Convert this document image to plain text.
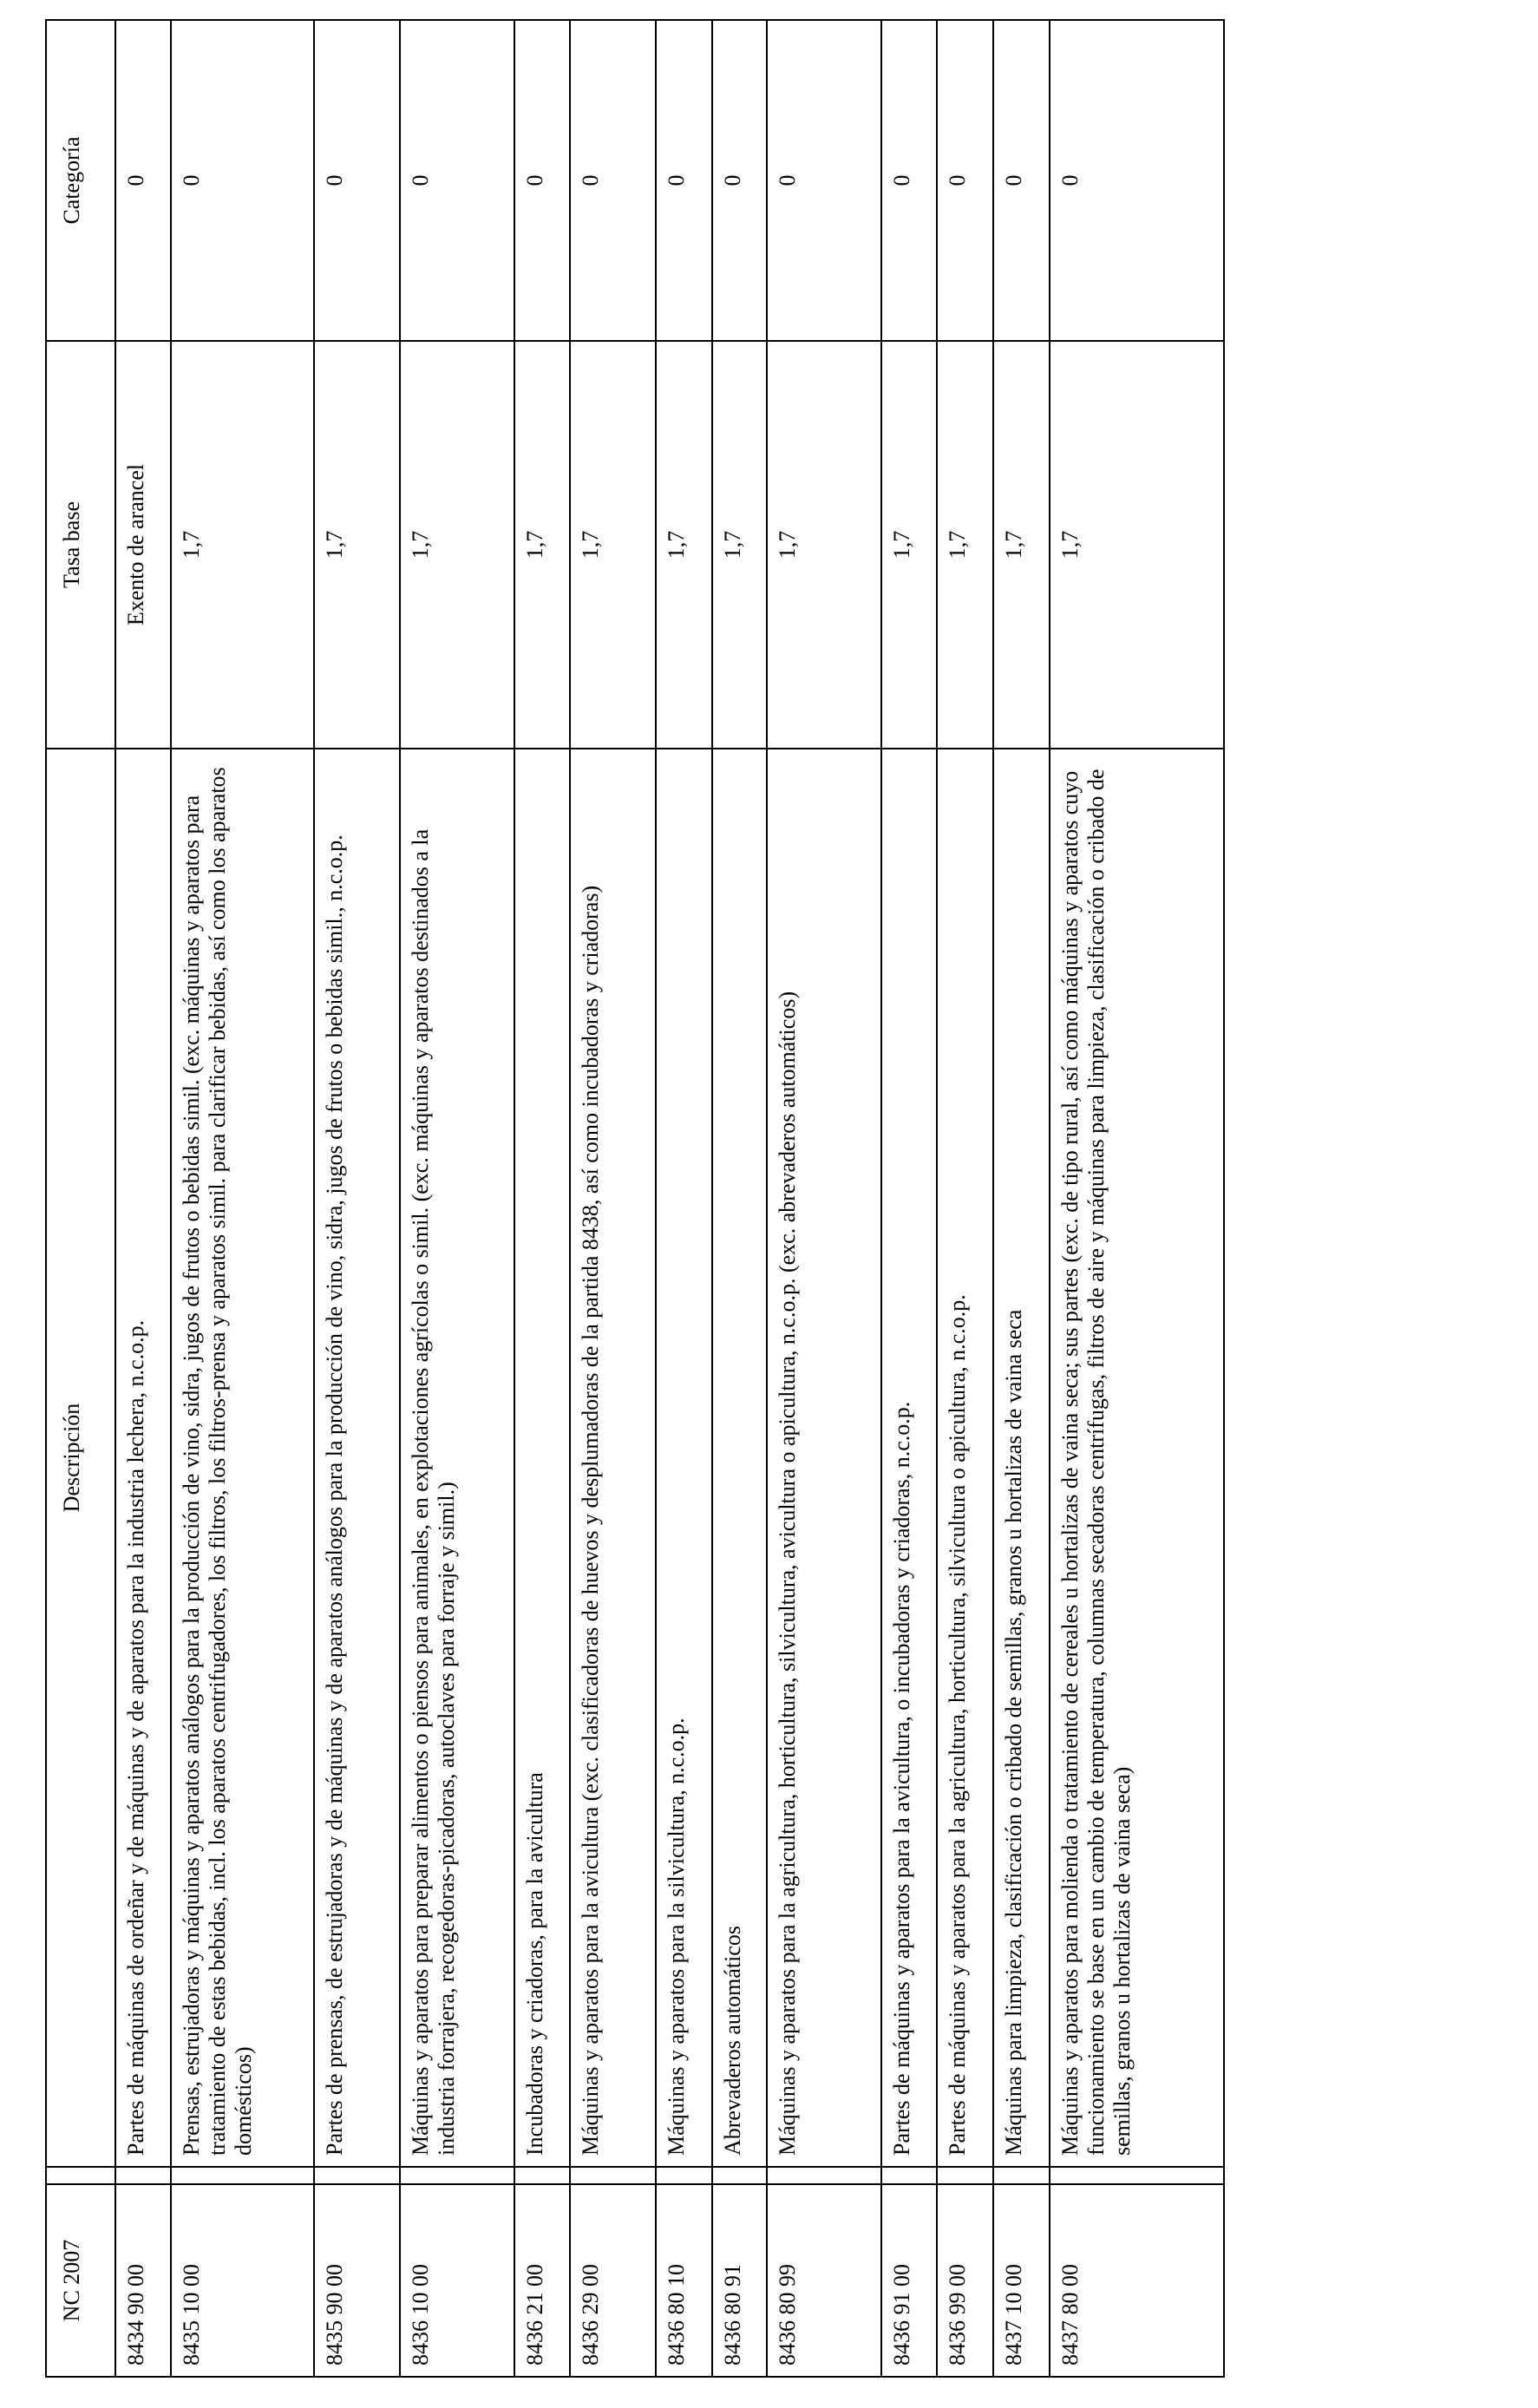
NC 2007		Descripción	Tasa base	Categoría
8434 90 00		Partes de máquinas de ordeñar y de máquinas y de aparatos para la industria lechera, n.c.o.p.	Exento de arancel	0
8435 10 00		Prensas, estrujadoras y máquinas y aparatos análogos para la producción de vino, sidra, jugos de frutos o bebidas simil. (exc. máquinas y aparatos para tratamiento de estas bebidas, incl. los aparatos centrifugadores, los filtros, los filtros-prensa y aparatos simil. para clarificar bebidas, así como los aparatos domésticos)	1,7	0
8435 90 00		Partes de prensas, de estrujadoras y de máquinas y de aparatos análogos para la producción de vino, sidra, jugos de frutos o bebidas simil., n.c.o.p.	1,7	0
8436 10 00		Máquinas y aparatos para preparar alimentos o piensos para animales, en explotaciones agrícolas o simil. (exc. máquinas y aparatos destinados a la industria forrajera, recogedoras-picadoras, autoclaves para forraje y simil.)	1,7	0
8436 21 00		Incubadoras y criadoras, para la avicultura	1,7	0
8436 29 00		Máquinas y aparatos para la avicultura (exc. clasificadoras de huevos y desplumadoras de la partida 8438, así como incubadoras y criadoras)	1,7	0
8436 80 10		Máquinas y aparatos para la silvicultura, n.c.o.p.	1,7	0
8436 80 91		Abrevaderos automáticos	1,7	0
8436 80 99		Máquinas y aparatos para la agricultura, horticultura, silvicultura, avicultura o apicultura, n.c.o.p. (exc. abrevaderos automáticos)	1,7	0
8436 91 00		Partes de máquinas y aparatos para la avicultura, o incubadoras y criadoras, n.c.o.p.	1,7	0
8436 99 00		Partes de máquinas y aparatos para la agricultura, horticultura, silvicultura o apicultura, n.c.o.p.	1,7	0
8437 10 00		Máquinas para limpieza, clasificación o cribado de semillas, granos u hortalizas de vaina seca	1,7	0
8437 80 00		Máquinas y aparatos para molienda o tratamiento de cereales u hortalizas de vaina seca; sus partes (exc. de tipo rural, así como máquinas y aparatos cuyo funcionamiento se base en un cambio de temperatura, columnas secadoras centrífugas, filtros de aire y máquinas para limpieza, clasificación o cribado de semillas, granos u hortalizas de vaina seca)	1,7	0
